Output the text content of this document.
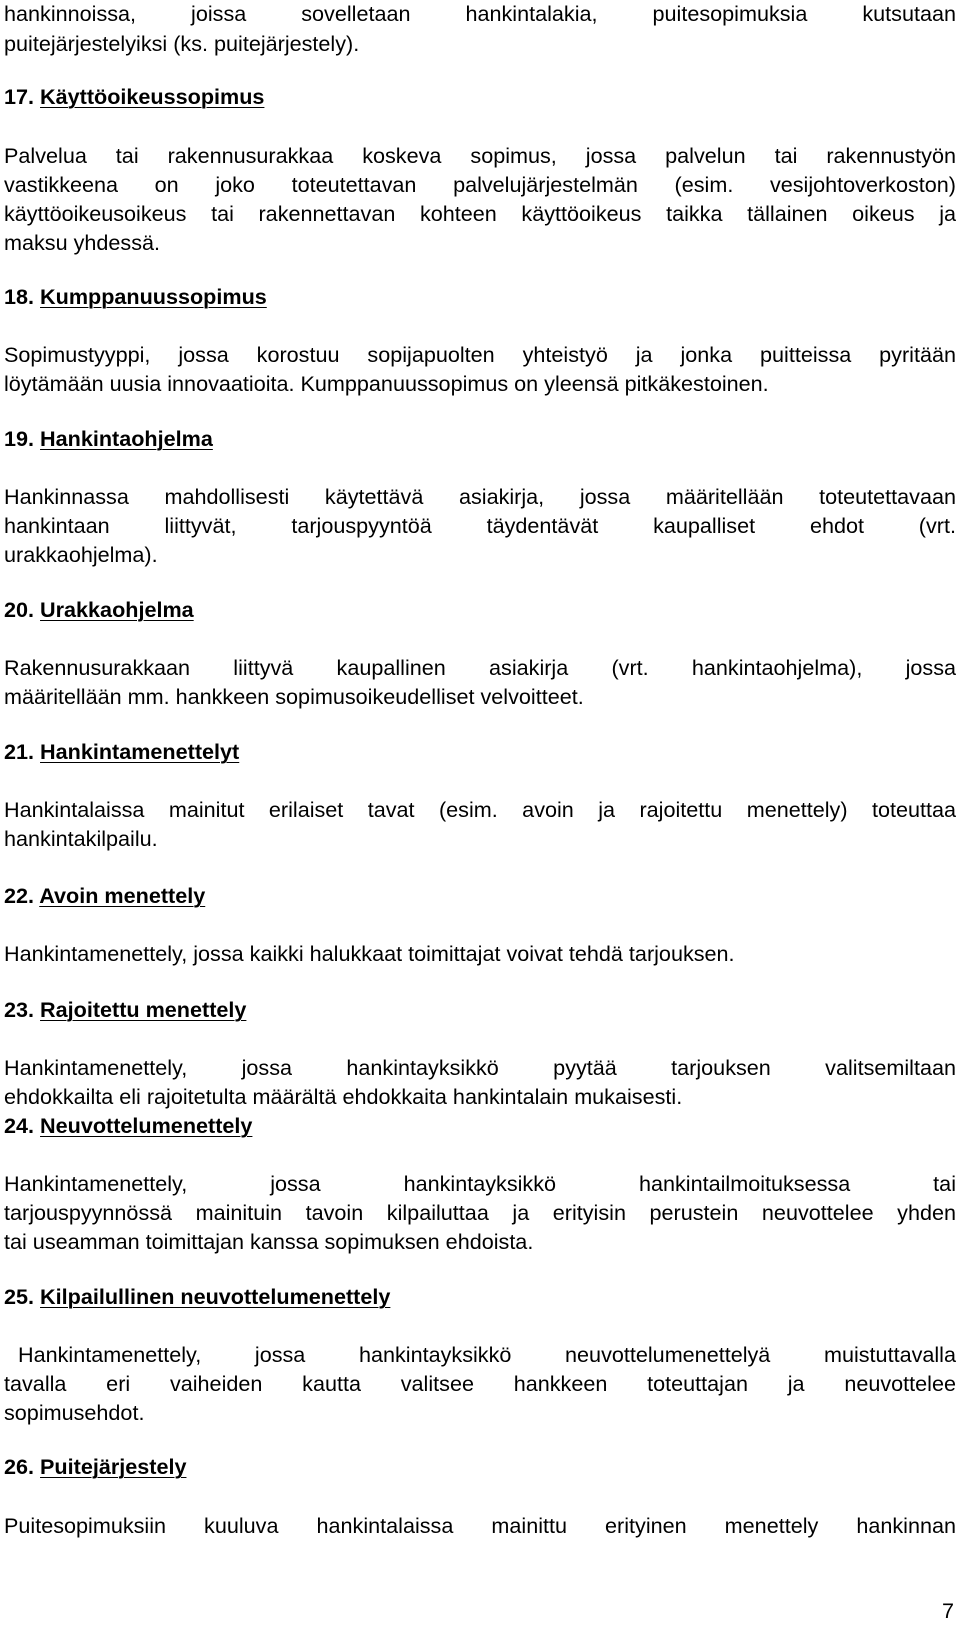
hankinnoissa, joissa sovelletaan hankintalakia, puitesopimuksia kutsutaan
puitejärjestelyiksi (ks. puitejärjestely).
17. Käyttöoikeussopimus
Palvelua tai rakennusurakkaa koskeva sopimus, jossa palvelun tai rakennustyön
vastikkeena on joko toteutettavan palvelujärjestelmän (esim. vesijohtoverkoston)
käyttöoikeusoikeus tai rakennettavan kohteen käyttöoikeus taikka tällainen oikeus ja
maksu yhdessä.
18. Kumppanuussopimus
Sopimustyyppi, jossa korostuu sopijapuolten yhteistyö ja jonka puitteissa pyritään
löytämään uusia innovaatioita. Kumppanuussopimus on yleensä pitkäkestoinen.
19. Hankintaohjelma
Hankinnassa mahdollisesti käytettävä asiakirja, jossa määritellään toteutettavaan
hankintaan liittyvät, tarjouspyyntöä täydentävät kaupalliset ehdot (vrt.
urakkaohjelma).
20. Urakkaohjelma
Rakennusurakkaan liittyvä kaupallinen asiakirja (vrt. hankintaohjelma), jossa
määritellään mm. hankkeen sopimusoikeudelliset velvoitteet.
21. Hankintamenettelyt
Hankintalaissa mainitut erilaiset tavat (esim. avoin ja rajoitettu menettely) toteuttaa
hankintakilpailu.
22. Avoin menettely
Hankintamenettely, jossa kaikki halukkaat toimittajat voivat tehdä tarjouksen.
23. Rajoitettu menettely
Hankintamenettely, jossa hankintayksikkö pyytää tarjouksen valitsemiltaan
ehdokkailta eli rajoitetulta määrältä ehdokkaita hankintalain mukaisesti.
24. Neuvottelumenettely
Hankintamenettely, jossa hankintayksikkö hankintailmoituksessa tai
tarjouspyynnössä mainituin tavoin kilpailuttaa ja erityisin perustein neuvottelee yhden
tai useamman toimittajan kanssa sopimuksen ehdoista.
25. Kilpailullinen neuvottelumenettely
Hankintamenettely, jossa hankintayksikkö neuvottelumenettelyä muistuttavalla
tavalla eri vaiheiden kautta valitsee hankkeen toteuttajan ja neuvottelee
sopimusehdot.
26. Puitejärjestely
Puitesopimuksiin kuuluva hankintalaissa mainittu erityinen menettely hankinnan
7
